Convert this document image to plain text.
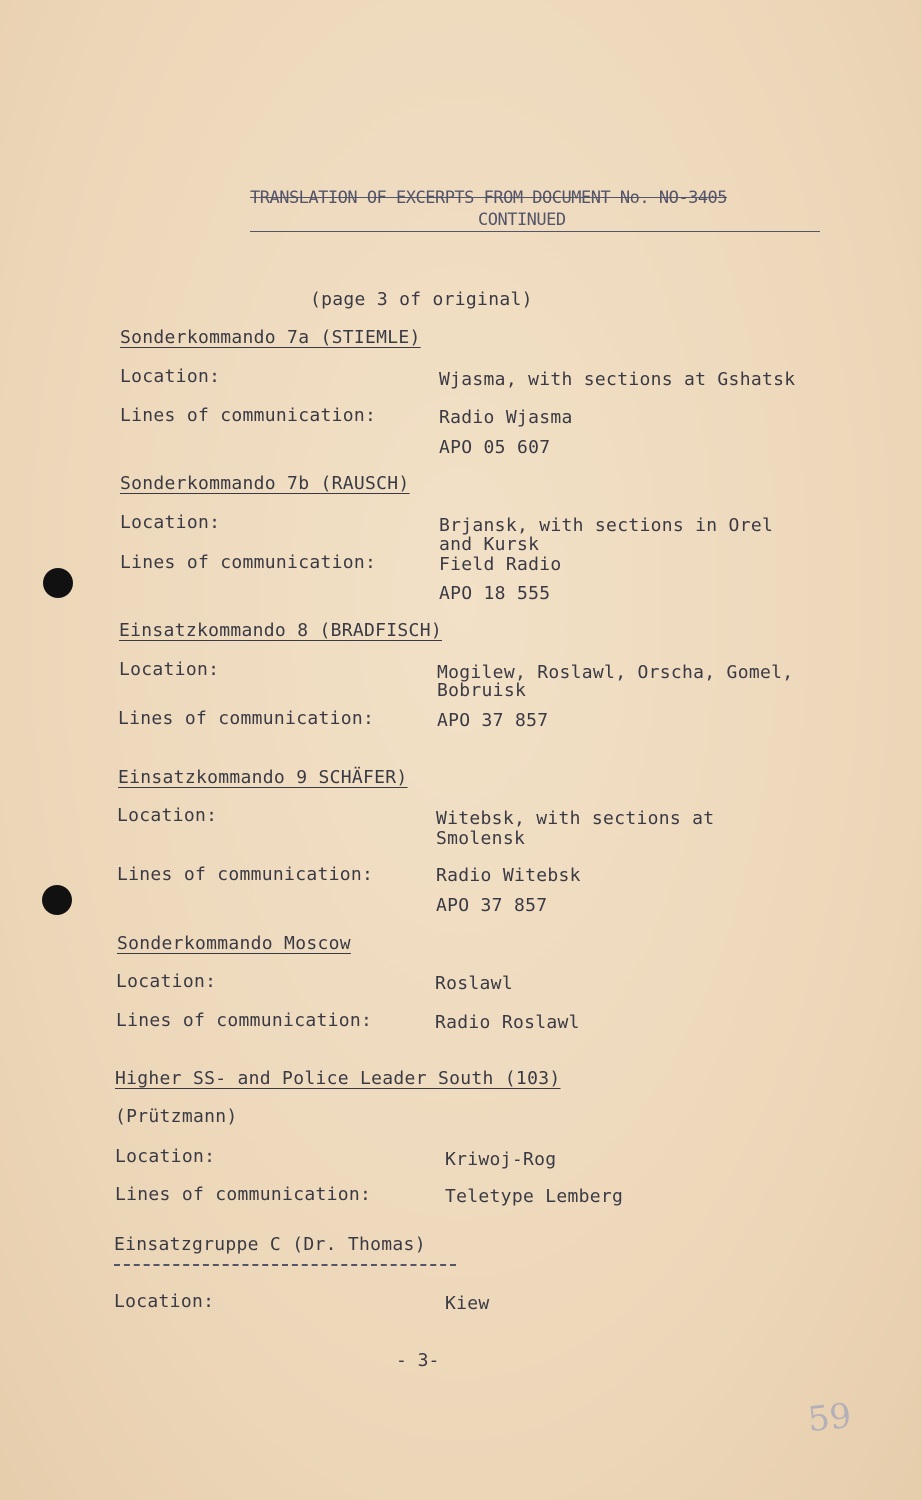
TRANSLATION OF EXCERPTS FROM DOCUMENT No. NO-3405
CONTINUED
(page 3 of original)
Sonderkommando 7a (STIEMLE)
Location:	Wjasma, with sections at Gshatsk
Lines of communication:	Radio Wjasma
APO 05 607
Sonderkommando 7b (RAUSCH)
Location:	Brjansk, with sections in Orel
and Kursk
Lines of communication:	Field Radio
APO 18 555
Einsatzkommando 8 (BRADFISCH)
Location:	Mogilew, Roslawl, Orscha, Gomel,
Bobruisk
Lines of communication:	APO 37 857
Einsatzkommando 9 SCHÄFER)
Location:	Witebsk, with sections at
Smolensk
Lines of communication:	Radio Witebsk
APO 37 857
Sonderkommando Moscow
Location:	Roslawl
Lines of communication:	Radio Roslawl
Higher SS- and Police Leader South (103)
(Prützmann)
Location:	Kriwoj-Rog
Lines of communication:	Teletype Lemberg
Einsatzgruppe C (Dr. Thomas)
Location:	Kiew
- 3-
59
